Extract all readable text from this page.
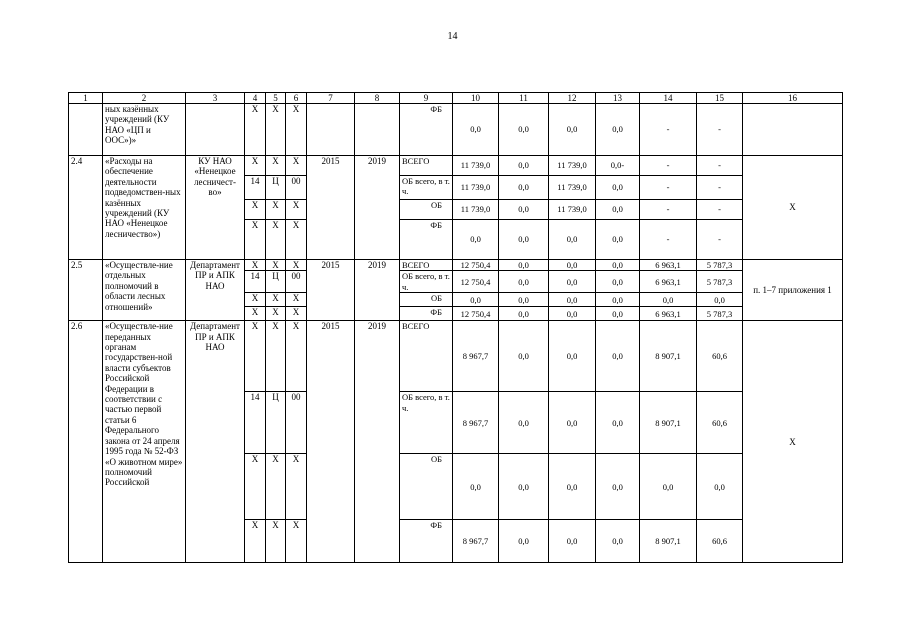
14
1	2	3	4	5	6	7	8	9	10	11	12	13	14	15	16
	ных казённых учреждений (КУ НАО «ЦП и ООС»)»		X	X	X			ФБ	0,0	0,0	0,0	0,0	-	-	
2.4	«Расходы на обеспечение деятельности подведомствен-ных казённых учреждений (КУ НАО «Ненецкое лесничество»)	КУ НАО «Ненецкое лесничест-во»	X	X	X	2015	2019	ВСЕГО	11 739,0	0,0	11 739,0	0,0-	-	-	X
			14	Ц	00			ОБ всего, в т. ч.	11 739,0	0,0	11 739,0	0,0	-	-	
			X	X	X			ОБ	11 739,0	0,0	11 739,0	0,0	-	-	
			X	X	X			ФБ	0,0	0,0	0,0	0,0	-	-	
2.5	«Осуществле-ние отдельных полномочий в области лесных отношений»	Департамент ПР и АПК НАО	X	X	X	2015	2019	ВСЕГО	12 750,4	0,0	0,0	0,0	6 963,1	5 787,3	п. 1–7 приложения 1
			14	Ц	00			ОБ всего, в т. ч.	12 750,4	0,0	0,0	0,0	6 963,1	5 787,3	
			X	X	X			ОБ	0,0	0,0	0,0	0,0	0,0	0,0	
			X	X	X			ФБ	12 750,4	0,0	0,0	0,0	6 963,1	5 787,3	
2.6	«Осуществле-ние переданных органам государствен-ной власти субъектов Российской Федерации в соответствии с частью первой статьи 6 Федерального закона от 24 апреля 1995 года № 52-ФЗ «О животном мире» полномочий Российской	Департамент ПР и АПК НАО	X	X	X	2015	2019	ВСЕГО	8 967,7	0,0	0,0	0,0	8 907,1	60,6	X
			14	Ц	00			ОБ всего, в т. ч.	8 967,7	0,0	0,0	0,0	8 907,1	60,6	
			X	X	X			ОБ	0,0	0,0	0,0	0,0	0,0	0,0	
			X	X	X			ФБ	8 967,7	0,0	0,0	0,0	8 907,1	60,6	
